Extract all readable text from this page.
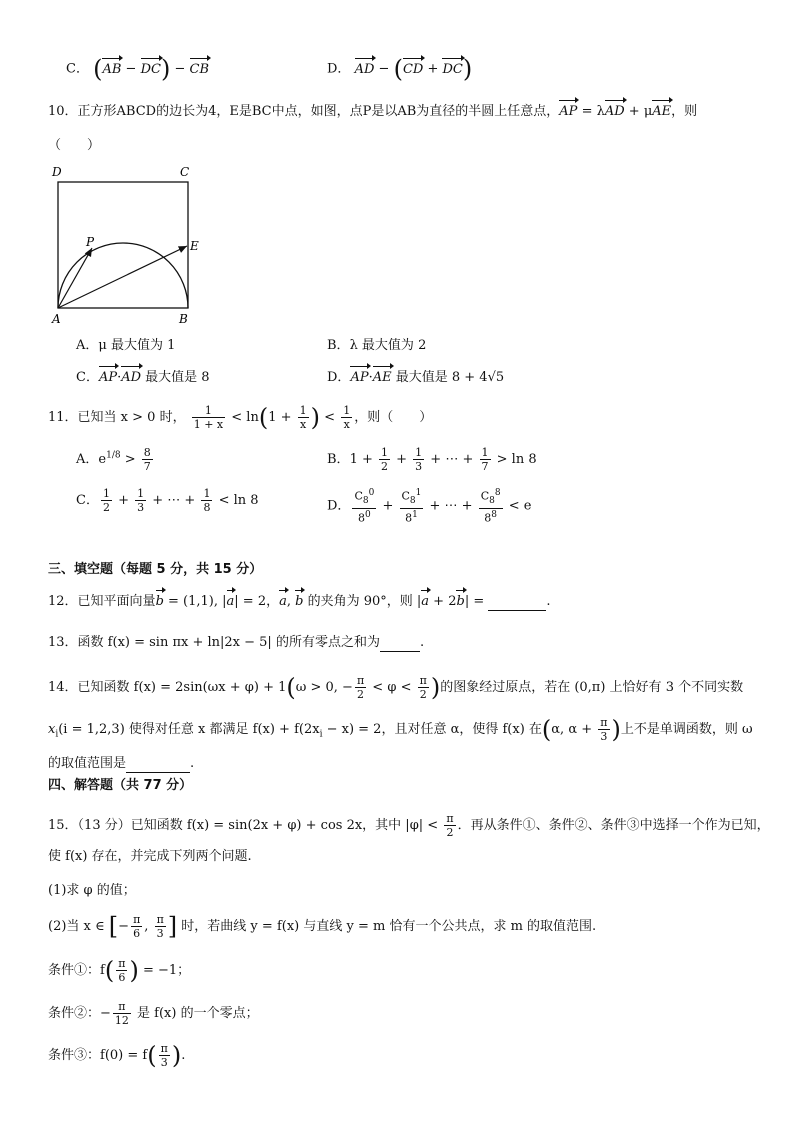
C． (AB − DC) − CB	D． AD − (CD + DC)
10．正方形ABCD的边长为4，E是BC中点，如图，点P是以AB为直径的半圆上任意点，AP = λAD + μAE，则
（　　）
D	C
E
P
A	B
A．μ 最大值为 1	B．λ 最大值为 2
C．AP·AD 最大值是 8	D．AP·AE 最大值是 8 + 4√5
11．已知当 x > 0 时， $\frac{1}{1 + x} < \ln(1 + \frac{1}{x}$ ) < $\frac{1}{x}$ ，则（　　）
A．$e^{1/8} > \frac{8}{7}$	B．$1 + \frac{1}{2} + \frac{1}{3}$ + ⋯ + $\frac{1}{7} > \ln 8$
C． $\frac{1}{2} + \frac{1}{3}$ + ⋯ + $\frac{1}{8} < \ln 8$	D． $\frac{C_8^0}{8^0} + \frac{C_8^1}{8^1}$ + ⋯ + $\frac{C_8^8}{8^8} < e$
三、填空题（每题 5 分，共 15 分）
12．已知平面向量b = (1,1), |a| = 2，a, b 的夹角为 90°，则 |a + 2b| =	.
13．函数 f(x) = sin πx + ln|2x − 5| 的所有零点之和为	.
14．已知函数 f(x) = 2sin(ωx + φ) + 1(ω > 0, − $\frac{\pi}{2} < \varphi < \frac{\pi}{2}$ )的图象经过原点，若在 (0,π) 上恰好有 3 个不同实数
$x_i(i = 1,2,3)$ 使得对任意 x 都满足 $f(x) + f(2x_i - x) = 2$，且对任意 α，使得 f(x) 在(α, $\alpha + \frac{\pi}{3}$ )上不是单调函数，则 ω
的取值范围是	.
四、解答题（共 77 分）
15．（13 分）已知函数 f(x) = sin(2x + φ) + cos 2x，其中 $|\varphi| < \frac{\pi}{2}$ ．再从条件①、条件②、条件③中选择一个作为已知，
使 f(x) 存在，并完成下列两个问题.
(1)求 φ 的值；
(2)当 x ∈ [− $\frac{\pi}{6}$ , $\frac{\pi}{3}$ ] 时，若曲线 y = f(x) 与直线 y = m 恰有一个公共点，求 m 的取值范围.
条件①：$f( \frac{\pi}{6}$ ) = −1；
条件②：− $\frac{\pi}{12}$ 是 f(x) 的一个零点；
条件③：$f(0) = f( \frac{\pi}{3}$ ).
